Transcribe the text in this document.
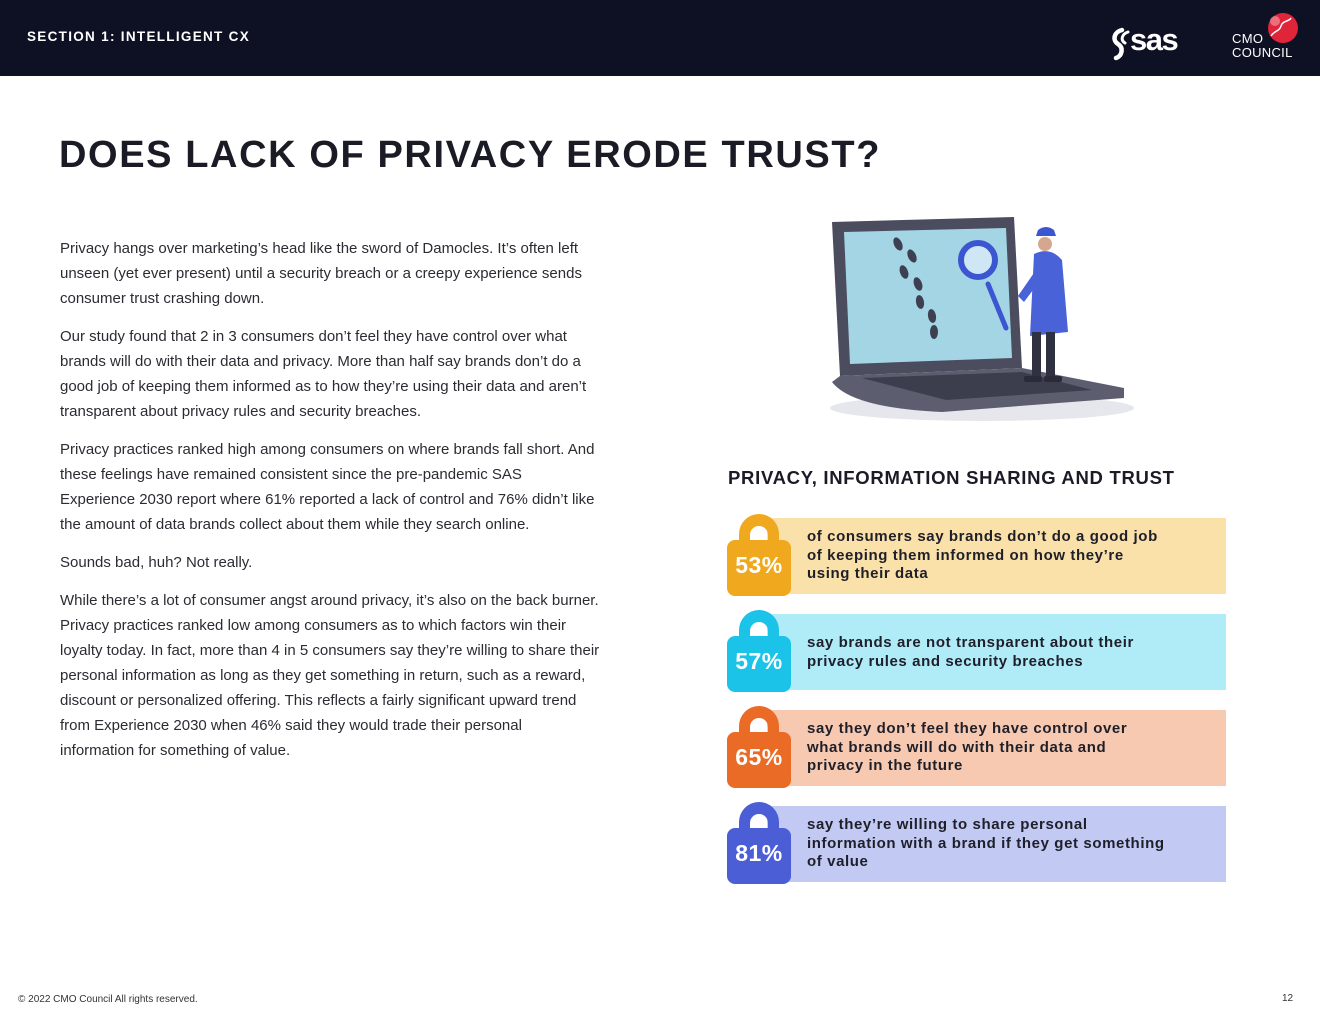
SECTION 1: INTELLIGENT CX	sas	CMO
COUNCIL
DOES LACK OF PRIVACY ERODE TRUST?

Privacy hangs over marketing’s head like the sword of Damocles. It’s often left unseen (yet ever present) until a security breach or a creepy experience sends consumer trust crashing down.

Our study found that 2 in 3 consumers don’t feel they have control over what brands will do with their data and privacy. More than half say brands don’t do a good job of keeping them informed as to how they’re using their data and aren’t transparent about privacy rules and security breaches.

Privacy practices ranked high among consumers on where brands fall short. And these feelings have remained consistent since the pre-pandemic SAS Experience 2030 report where 61% reported a lack of control and 76% didn’t like the amount of data brands collect about them while they search online.

Sounds bad, huh? Not really.

While there’s a lot of consumer angst around privacy, it’s also on the back burner. Privacy practices ranked low among consumers as to which factors win their loyalty today. In fact, more than 4 in 5 consumers say they’re willing to share their personal information as long as they get something in return, such as a reward, discount or personalized offering. This reflects a fairly significant upward trend from Experience 2030 when 46% said they would trade their personal information for something of value.

PRIVACY, INFORMATION SHARING AND TRUST
53%
of consumers say brands don’t do a good job of keeping them informed on how they’re using their data
57%
say brands are not transparent about their privacy rules and security breaches
65%
say they don’t feel they have control over what brands will do with their data and privacy in the future
81%
say they’re willing to share personal information with a brand if they get something of value
© 2022 CMO Council All rights reserved.	12
